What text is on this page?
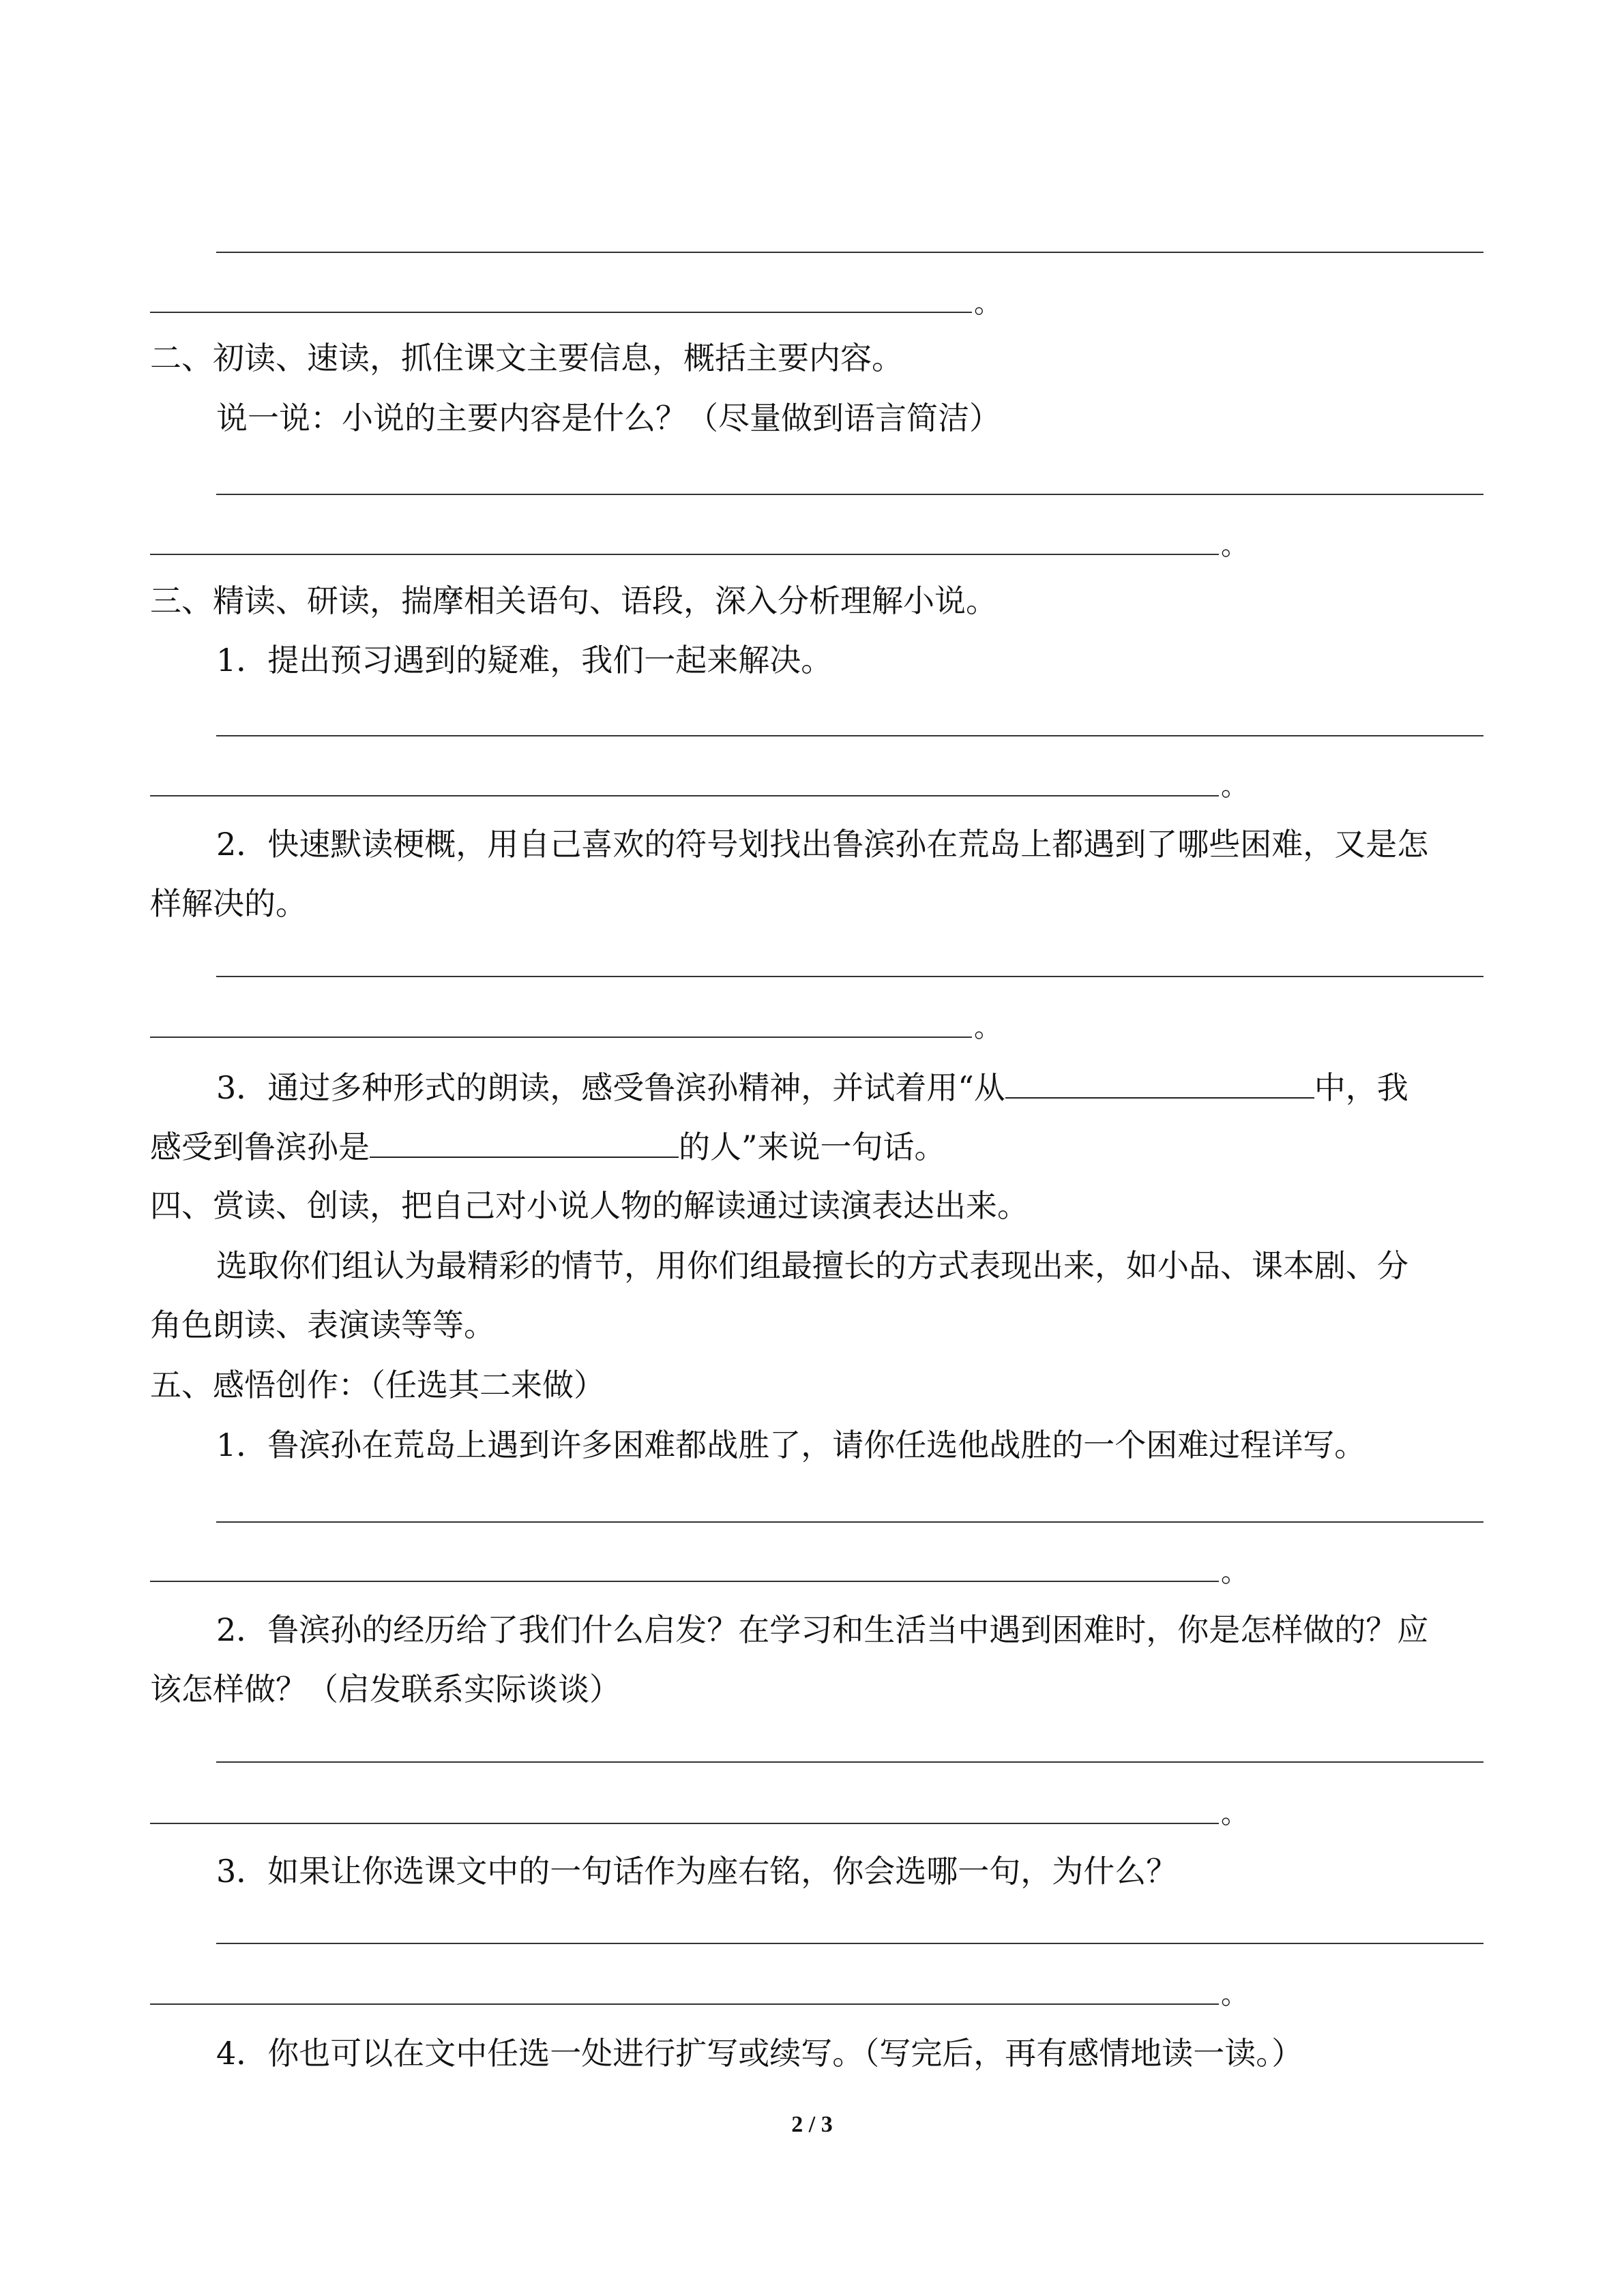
。
二、初读、速读，抓住课文主要信息，概括主要内容。
说一说：小说的主要内容是什么？（尽量做到语言简洁）
。
三、精读、研读，揣摩相关语句、语段，深入分析理解小说。
1．提出预习遇到的疑难，我们一起来解决。
。
2．快速默读梗概，用自己喜欢的符号划找出鲁滨孙在荒岛上都遇到了哪些困难，又是怎
样解决的。
。
3．通过多种形式的朗读，感受鲁滨孙精神，并试着用“从	中，我
感受到鲁滨孙是	的人”来说一句话。
四、赏读、创读，把自己对小说人物的解读通过读演表达出来。
选取你们组认为最精彩的情节，用你们组最擅长的方式表现出来，如小品、课本剧、分
角色朗读、表演读等等。
五、感悟创作：（任选其二来做）
1．鲁滨孙在荒岛上遇到许多困难都战胜了，请你任选他战胜的一个困难过程详写。
。
2．鲁滨孙的经历给了我们什么启发？在学习和生活当中遇到困难时，你是怎样做的？应
该怎样做？（启发联系实际谈谈）
。
3．如果让你选课文中的一句话作为座右铭，你会选哪一句，为什么？
。
4．你也可以在文中任选一处进行扩写或续写。（写完后，再有感情地读一读。）
2 / 3
